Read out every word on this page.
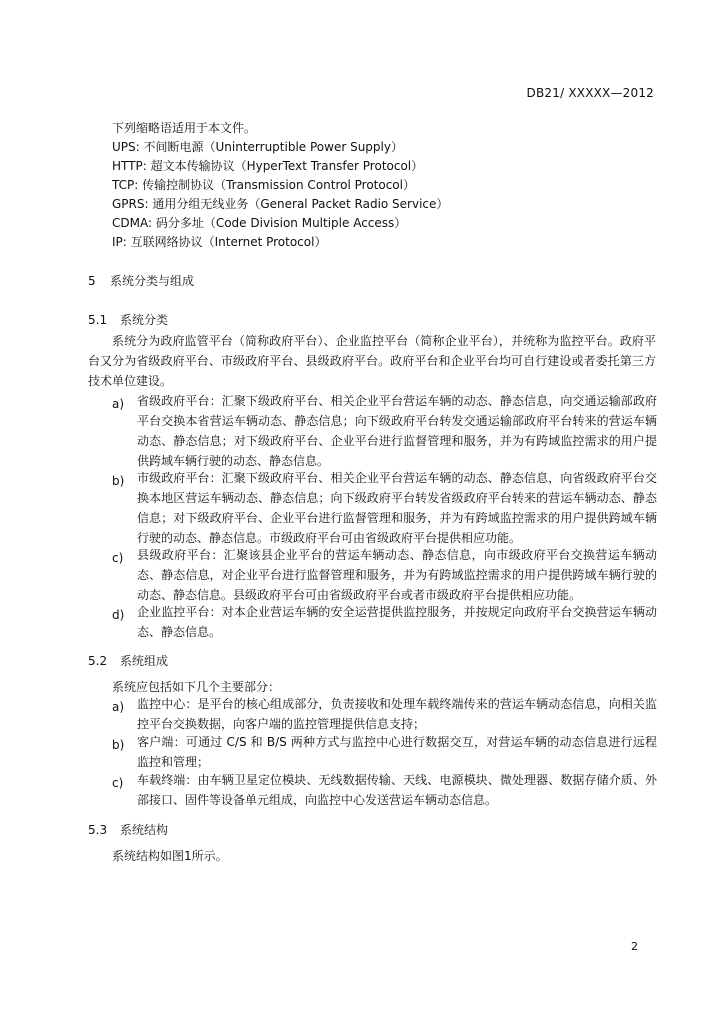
DB21/ XXXXX—2012
下列缩略语适用于本文件。
UPS: 不间断电源（Uninterruptible Power Supply）
HTTP: 超文本传输协议（HyperText Transfer Protocol）
TCP: 传输控制协议（Transmission Control Protocol）
GPRS: 通用分组无线业务（General Packet Radio Service）
CDMA: 码分多址（Code Division Multiple Access）
IP: 互联网络协议（Internet Protocol）
5 系统分类与组成
5.1 系统分类
系统分为政府监管平台（简称政府平台）、企业监控平台（简称企业平台），并统称为监控平台。政府平台又分为省级政府平台、市级政府平台、县级政府平台。政府平台和企业平台均可自行建设或者委托第三方技术单位建设。
a) 省级政府平台：汇聚下级政府平台、相关企业平台营运车辆的动态、静态信息，向交通运输部政府平台交换本省营运车辆动态、静态信息；向下级政府平台转发交通运输部政府平台转来的营运车辆动态、静态信息；对下级政府平台、企业平台进行监督管理和服务，并为有跨域监控需求的用户提供跨域车辆行驶的动态、静态信息。
b) 市级政府平台：汇聚下级政府平台、相关企业平台营运车辆的动态、静态信息，向省级政府平台交换本地区营运车辆动态、静态信息；向下级政府平台转发省级政府平台转来的营运车辆动态、静态信息；对下级政府平台、企业平台进行监督管理和服务，并为有跨域监控需求的用户提供跨域车辆行驶的动态、静态信息。市级政府平台可由省级政府平台提供相应功能。
c) 县级政府平台：汇聚该县企业平台的营运车辆动态、静态信息，向市级政府平台交换营运车辆动态、静态信息，对企业平台进行监督管理和服务，并为有跨域监控需求的用户提供跨域车辆行驶的动态、静态信息。县级政府平台可由省级政府平台或者市级政府平台提供相应功能。
d) 企业监控平台：对本企业营运车辆的安全运营提供监控服务，并按规定向政府平台交换营运车辆动态、静态信息。
5.2 系统组成
系统应包括如下几个主要部分：
a) 监控中心：是平台的核心组成部分，负责接收和处理车载终端传来的营运车辆动态信息，向相关监控平台交换数据，向客户端的监控管理提供信息支持；
b) 客户端：可通过 C/S 和 B/S 两种方式与监控中心进行数据交互，对营运车辆的动态信息进行远程监控和管理；
c) 车载终端：由车辆卫星定位模块、无线数据传输、天线、电源模块、微处理器、数据存储介质、外部接口、固件等设备单元组成，向监控中心发送营运车辆动态信息。
5.3 系统结构
系统结构如图1所示。
2
